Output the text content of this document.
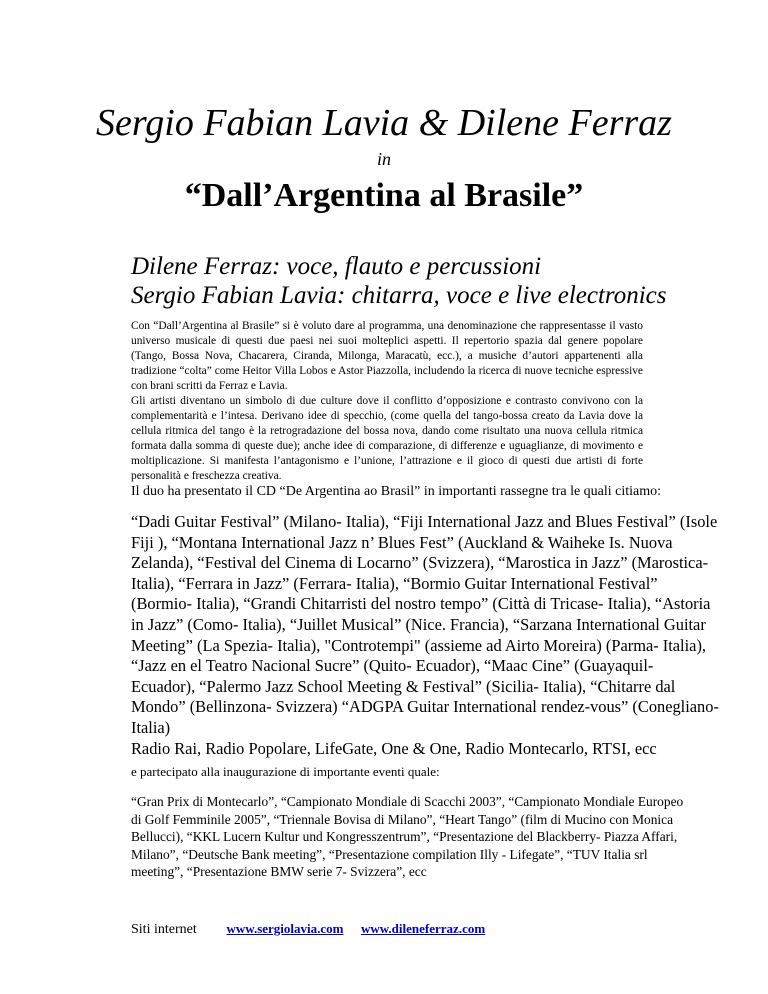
Sergio Fabian Lavia & Dilene Ferraz
in
“Dall’Argentina al Brasile”
Dilene Ferraz: voce, flauto e percussioni
Sergio Fabian Lavia: chitarra, voce e live electronics

Con “Dall’Argentina al Brasile” si è voluto dare al programma, una denominazione che rappresentasse il vasto universo musicale di questi due paesi nei suoi molteplici aspetti. Il repertorio spazia dal genere popolare (Tango, Bossa Nova, Chacarera, Ciranda, Milonga, Maracatù, ecc.), a musiche d’autori appartenenti alla tradizione “colta” come Heitor Villa Lobos e Astor Piazzolla, includendo la ricerca di nuove tecniche espressive con brani scritti da Ferraz e Lavia.

Gli artisti diventano un simbolo di due culture dove il conflitto d’opposizione e contrasto convivono con la complementarità e l’intesa. Derivano idee di specchio, (come quella del tango-bossa creato da Lavia dove la cellula ritmica del tango è la retrogradazione del bossa nova, dando come risultato una nuova cellula ritmica formata dalla somma di queste due); anche idee di comparazione, di differenze e uguaglianze, di movimento e moltiplicazione. Si manifesta l’antagonismo e l’unione, l’attrazione e il gioco di questi due artisti di forte personalità e freschezza creativa.

Il duo ha presentato il CD “De Argentina ao Brasil” in importanti rassegne tra le quali citiamo:

“Dadi Guitar Festival” (Milano- Italia), “Fiji International Jazz and Blues Festival” (Isole Fiji ), “Montana International Jazz n’ Blues Fest” (Auckland & Waiheke Is. Nuova Zelanda), “Festival del Cinema di Locarno” (Svizzera), “Marostica in Jazz” (Marostica- Italia), “Ferrara in Jazz” (Ferrara- Italia), “Bormio Guitar International Festival” (Bormio- Italia), “Grandi Chitarristi del nostro tempo” (Città di Tricase- Italia), “Astoria in Jazz” (Como- Italia), “Juillet Musical” (Nice. Francia), “Sarzana International Guitar Meeting” (La Spezia- Italia), "Controtempi" (assieme ad Airto Moreira) (Parma- Italia), “Jazz en el Teatro Nacional Sucre” (Quito- Ecuador), “Maac Cine” (Guayaquil- Ecuador), “Palermo Jazz School Meeting & Festival” (Sicilia- Italia), “Chitarre dal Mondo” (Bellinzona- Svizzera) “ADGPA Guitar International rendez-vous” (Conegliano- Italia)

Radio Rai, Radio Popolare, LifeGate, One & One, Radio Montecarlo, RTSI, ecc

e partecipato alla inaugurazione di importante eventi quale:

“Gran Prix di Montecarlo”, “Campionato Mondiale di Scacchi 2003”, “Campionato Mondiale Europeo di Golf Femminile 2005”, “Triennale Bovisa di Milano”, “Heart Tango” (film di Mucino con Monica Bellucci), “KKL Lucern Kultur und Kongresszentrum”, “Presentazione del Blackberry- Piazza Affari, Milano”, “Deutsche Bank meeting”, “Presentazione compilation Illy - Lifegate”, “TUV Italia srl meeting”, “Presentazione BMW serie 7- Svizzera”, ecc

Siti internet www.sergiolavia.com www.dileneferraz.com
